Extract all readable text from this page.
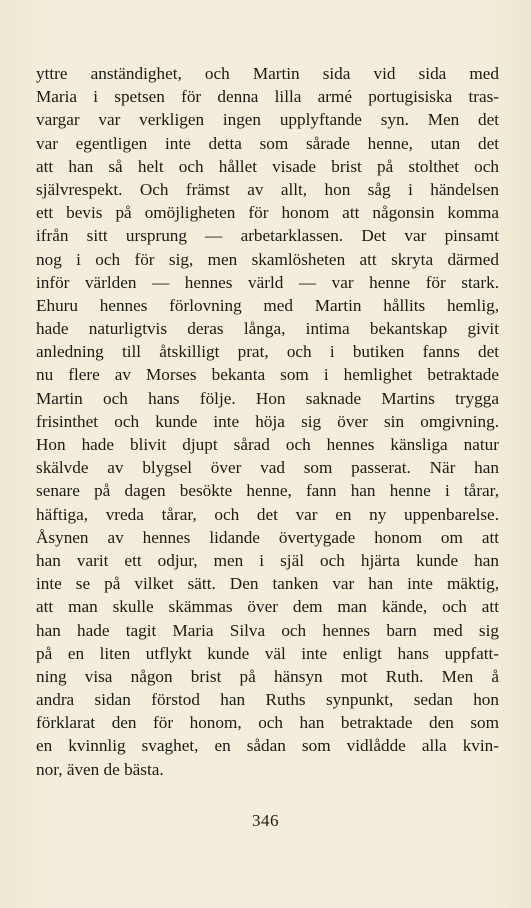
yttre anständighet, och Martin sida vid sida med
Maria i spetsen för denna lilla armé portugisiska tras-
vargar var verkligen ingen upplyftande syn. Men det
var egentligen inte detta som sårade henne, utan det
att han så helt och hållet visade brist på stolthet och
självrespekt. Och främst av allt, hon såg i händelsen
ett bevis på omöjligheten för honom att någonsin komma
ifrån sitt ursprung — arbetarklassen. Det var pinsamt
nog i och för sig, men skamlösheten att skryta därmed
inför världen — hennes värld — var henne för stark.
Ehuru hennes förlovning med Martin hållits hemlig,
hade naturligtvis deras långa, intima bekantskap givit
anledning till åtskilligt prat, och i butiken fanns det
nu flere av Morses bekanta som i hemlighet betraktade
Martin och hans följe. Hon saknade Martins trygga
frisinthet och kunde inte höja sig över sin omgivning.
Hon hade blivit djupt sårad och hennes känsliga natur
skälvde av blygsel över vad som passerat. När han
senare på dagen besökte henne, fann han henne i tårar,
häftiga, vreda tårar, och det var en ny uppenbarelse.
Åsynen av hennes lidande övertygade honom om att
han varit ett odjur, men i själ och hjärta kunde han
inte se på vilket sätt. Den tanken var han inte mäktig,
att man skulle skämmas över dem man kände, och att
han hade tagit Maria Silva och hennes barn med sig
på en liten utflykt kunde väl inte enligt hans uppfatt-
ning visa någon brist på hänsyn mot Ruth. Men å
andra sidan förstod han Ruths synpunkt, sedan hon
förklarat den för honom, och han betraktade den som
en kvinnlig svaghet, en sådan som vidlådde alla kvin-
nor, även de bästa.
346
